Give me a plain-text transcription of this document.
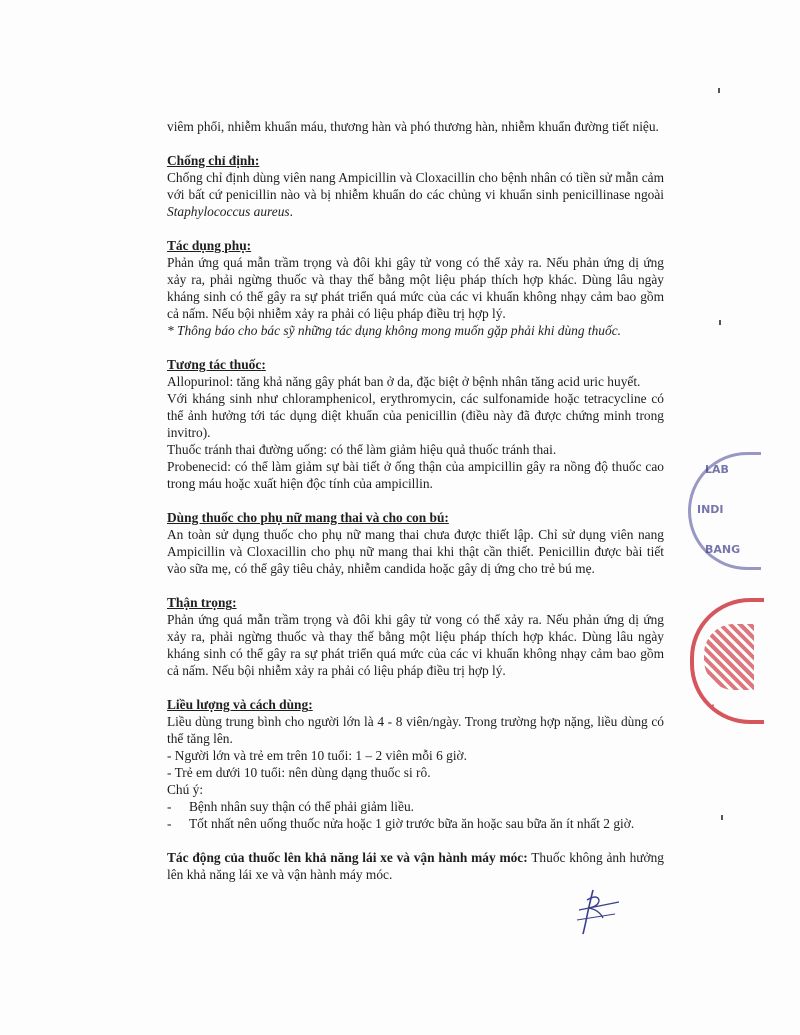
viêm phổi, nhiễm khuẩn máu, thương hàn và phó thương hàn, nhiễm khuẩn đường tiết niệu.

Chống chỉ định:

Chống chỉ định dùng viên nang Ampicillin và Cloxacillin cho bệnh nhân có tiền sử mẫn cảm với bất cứ penicillin nào và bị nhiễm khuẩn do các chủng vi khuẩn sinh penicillinase ngoài Staphylococcus aureus.

Tác dụng phụ:

Phản ứng quá mẫn trầm trọng và đôi khi gây tử vong có thể xảy ra. Nếu phản ứng dị ứng xảy ra, phải ngừng thuốc và thay thế bằng một liệu pháp thích hợp khác. Dùng lâu ngày kháng sinh có thể gây ra sự phát triển quá mức của các vi khuẩn không nhạy cảm bao gồm cả nấm. Nếu bội nhiễm xảy ra phải có liệu pháp điều trị hợp lý.

* Thông báo cho bác sỹ những tác dụng không mong muốn gặp phải khi dùng thuốc.

Tương tác thuốc:

Allopurinol: tăng khả năng gây phát ban ở da, đặc biệt ở bệnh nhân tăng acid uric huyết.

Với kháng sinh như chloramphenicol, erythromycin, các sulfonamide hoặc tetracycline có thể ảnh hưởng tới tác dụng diệt khuẩn của penicillin (điều này đã được chứng minh trong invitro).

Thuốc tránh thai đường uống: có thể làm giảm hiệu quả thuốc tránh thai.

Probenecid: có thể làm giảm sự bài tiết ở ống thận của ampicillin gây ra nồng độ thuốc cao trong máu hoặc xuất hiện độc tính của ampicillin.

Dùng thuốc cho phụ nữ mang thai và cho con bú:

An toàn sử dụng thuốc cho phụ nữ mang thai chưa được thiết lập. Chỉ sử dụng viên nang Ampicillin và Cloxacillin cho phụ nữ mang thai khi thật cần thiết. Penicillin được bài tiết vào sữa mẹ, có thể gây tiêu chảy, nhiễm candida hoặc gây dị ứng cho trẻ bú mẹ.

Thận trọng:

Phản ứng quá mẫn trầm trọng và đôi khi gây tử vong có thể xảy ra. Nếu phản ứng dị ứng xảy ra, phải ngừng thuốc và thay thế bằng một liệu pháp thích hợp khác. Dùng lâu ngày kháng sinh có thể gây ra sự phát triển quá mức của các vi khuẩn không nhạy cảm bao gồm cả nấm. Nếu bội nhiễm xảy ra phải có liệu pháp điều trị hợp lý.

Liều lượng và cách dùng:

Liều dùng trung bình cho người lớn là 4 - 8 viên/ngày. Trong trường hợp nặng, liều dùng có thể tăng lên.

- Người lớn và trẻ em trên 10 tuổi: 1 – 2 viên mỗi 6 giờ.

- Trẻ em dưới 10 tuổi: nên dùng dạng thuốc si rô.

Chú ý:

-	Bệnh nhân suy thận có thể phải giảm liều.
-	Tốt nhất nên uống thuốc nửa hoặc 1 giờ trước bữa ăn hoặc sau bữa ăn ít nhất 2 giờ.

Tác động của thuốc lên khả năng lái xe và vận hành máy móc: Thuốc không ảnh hưởng lên khả năng lái xe và vận hành máy móc.

LAB
INDI
BANG
AN
